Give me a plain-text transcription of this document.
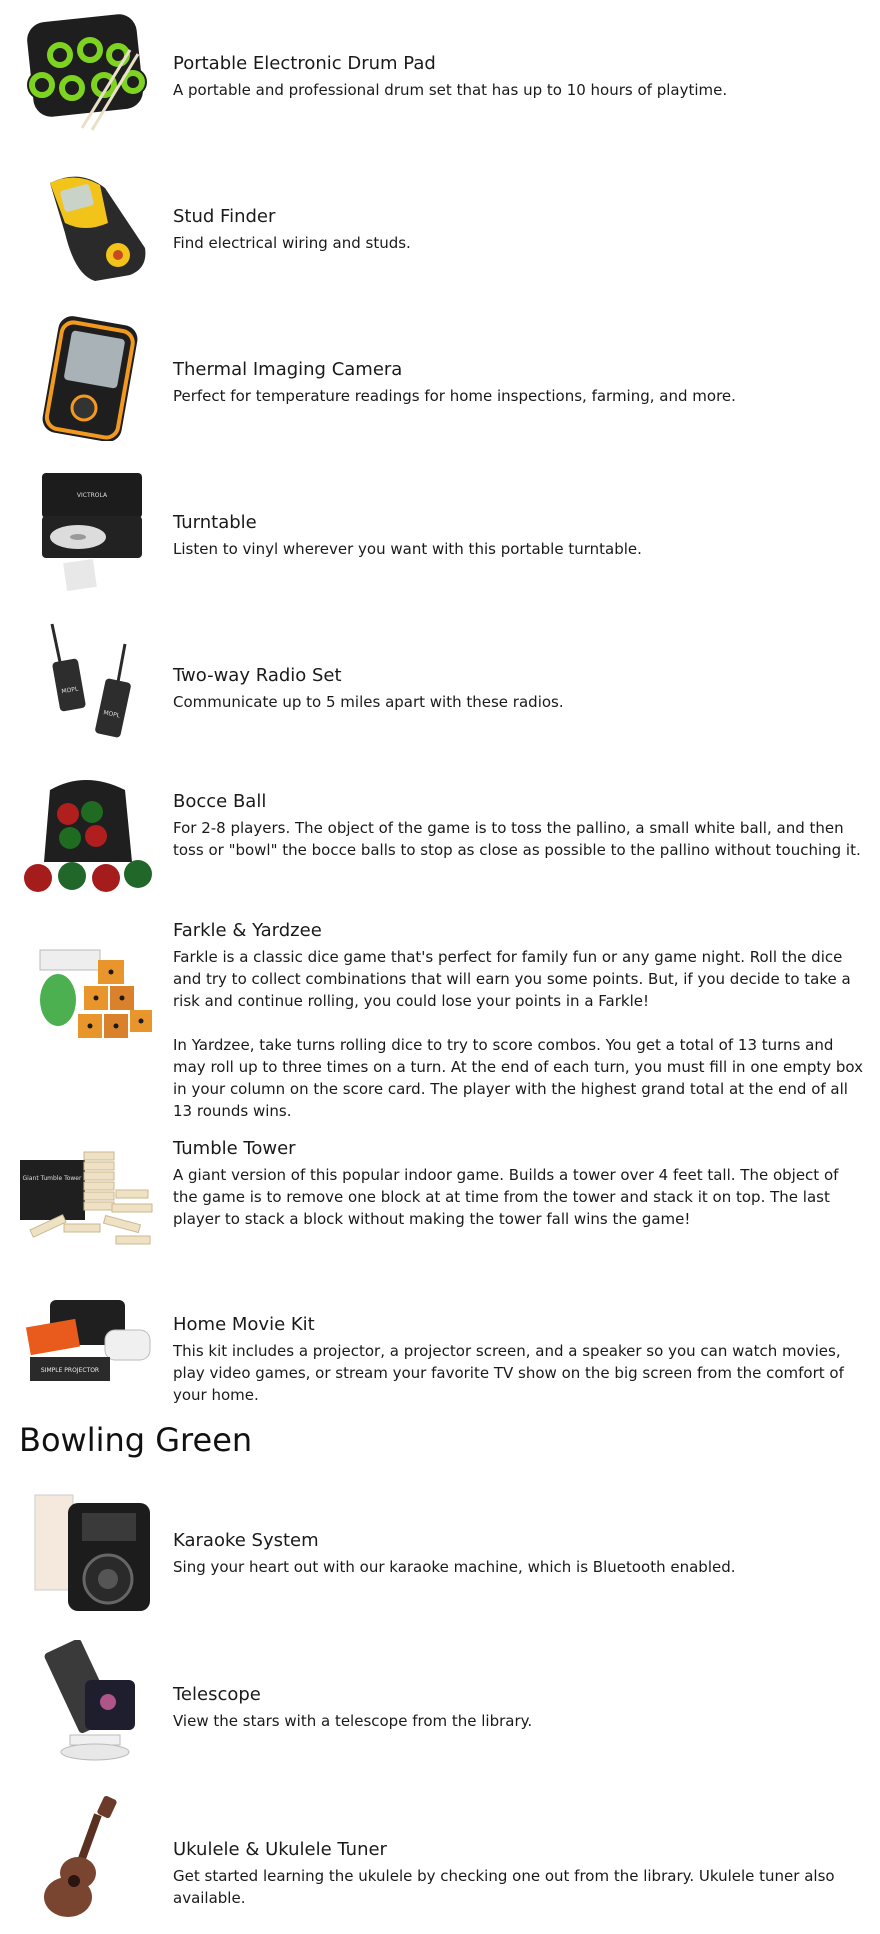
Portable Electronic Drum Pad
A portable and professional drum set that has up to 10 hours of playtime.
Stud Finder
Find electrical wiring and studs.
Thermal Imaging Camera
Perfect for temperature readings for home inspections, farming, and more.
VICTROLA
Turntable
Listen to vinyl wherever you want with this portable turntable.
MOPL
MOPL
Two-way Radio Set
Communicate up to 5 miles apart with these radios.
Bocce Ball
For 2-8 players. The object of the game is to toss the pallino, a small white ball, and then toss or "bowl" the bocce balls to stop as close as possible to the pallino without touching it.
Farkle & Yardzee

Farkle is a classic dice game that's perfect for family fun or any game night. Roll the dice and try to collect combinations that will earn you some points. But, if you decide to take a risk and continue rolling, you could lose your points in a Farkle!

In Yardzee, take turns rolling dice to try to score combos. You get a total of 13 turns and may roll up to three times on a turn. At the end of each turn, you must fill in one empty box in your column on the score card. The player with the highest grand total at the end of all 13 rounds wins.

Giant Tumble Tower
Tumble Tower
A giant version of this popular indoor game. Builds a tower over 4 feet tall. The object of the game is to remove one block at at time from the tower and stack it on top. The last player to stack a block without making the tower fall wins the game!
SIMPLE PROJECTOR
Home Movie Kit
This kit includes a projector, a projector screen, and a speaker so you can watch movies, play video games, or stream your favorite TV show on the big screen from the comfort of your home.
Bowling Green
Karaoke System
Sing your heart out with our karaoke machine, which is Bluetooth enabled.
Telescope
View the stars with a telescope from the library.
Ukulele & Ukulele Tuner
Get started learning the ukulele by checking one out from the library. Ukulele tuner also available.
